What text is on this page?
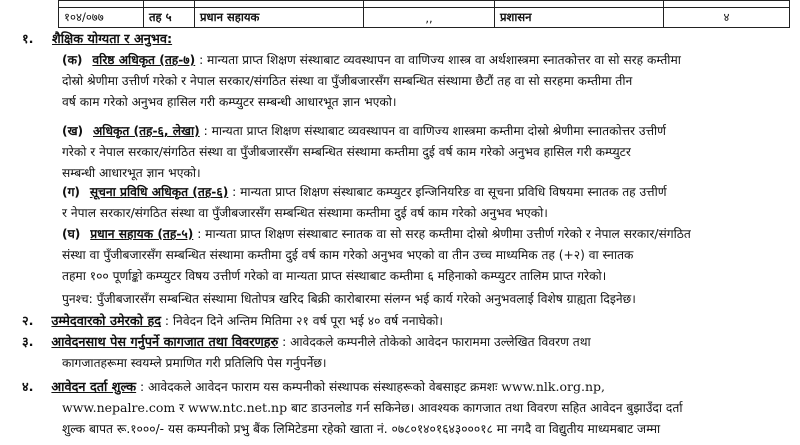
१०४/०७७	तह ५	प्रधान सहायक	,,	प्रशासन	४
१. शैक्षिक योग्यता र अनुभव:
(क) वरिष्ठ अधिकृत (तह-७) : मान्यता प्राप्त शिक्षण संस्थाबाट व्यवस्थापन वा वाणिज्य शास्त्र वा अर्थशास्त्रमा स्नातकोत्तर वा सो सरह कम्तीमा
दोस्रो श्रेणीमा उत्तीर्ण गरेको र नेपाल सरकार/संगठित संस्था वा पुँजीबजारसँग सम्बन्धित संस्थामा छैटौं तह वा सो सरहमा कम्तीमा तीन
वर्ष काम गरेको अनुभव हासिल गरी कम्प्युटर सम्बन्धी आधारभूत ज्ञान भएको।
(ख) अधिकृत (तह-६, लेखा) : मान्यता प्राप्त शिक्षण संस्थाबाट व्यवस्थापन वा वाणिज्य शास्त्रमा कम्तीमा दोस्रो श्रेणीमा स्नातकोत्तर उत्तीर्ण
गरेको र नेपाल सरकार/संगठित संस्था वा पुँजीबजारसँग सम्बन्धित संस्थामा कम्तीमा दुई वर्ष काम गरेको अनुभव हासिल गरी कम्प्युटर
सम्बन्धी आधारभूत ज्ञान भएको।
(ग) सूचना प्रविधि अधिकृत (तह-६) : मान्यता प्राप्त शिक्षण संस्थाबाट कम्प्युटर इन्जिनियरिङ वा सूचना प्रविधि विषयमा स्नातक तह उत्तीर्ण
र नेपाल सरकार/संगठित संस्था वा पुँजीबजारसँग सम्बन्धित संस्थामा कम्तीमा दुई वर्ष काम गरेको अनुभव भएको।
(घ) प्रधान सहायक (तह-५) : मान्यता प्राप्त शिक्षण संस्थाबाट स्नातक वा सो सरह कम्तीमा दोस्रो श्रेणीमा उत्तीर्ण गरेको र नेपाल सरकार/संगठित
संस्था वा पुँजीबजारसँग सम्बन्धित संस्थामा कम्तीमा दुई वर्ष काम गरेको अनुभव भएको वा तीन उच्च माध्यमिक तह (+२) वा स्नातक
तहमा १०० पूर्णाङ्को कम्प्युटर विषय उत्तीर्ण गरेको वा मान्यता प्राप्त संस्थाबाट कम्तीमा ६ महिनाको कम्प्युटर तालिम प्राप्त गरेको।
पुनश्च: पुँजीबजारसँग सम्बन्धित संस्थामा धितोपत्र खरिद बिक्री कारोबारमा संलग्न भई कार्य गरेको अनुभवलाई विशेष ग्राह्यता दिइनेछ।
२. उम्मेदवारको उमेरको हद : निवेदन दिने अन्तिम मितिमा २१ वर्ष पूरा भई ४० वर्ष ननाघेको।
३. आवेदनसाथ पेस गर्नुपर्ने कागजात तथा विवरणहरु : आवेदकले कम्पनीले तोकेको आवेदन फाराममा उल्लेखित विवरण तथा
कागजातहरूमा स्वयम्ले प्रमाणित गरी प्रतिलिपि पेस गर्नुपर्नेछ।
४. आवेदन दर्ता शुल्क : आवेदकले आवेदन फाराम यस कम्पनीको संस्थापक संस्थाहरूको वेबसाइट क्रमशः www.nlk.org.np,
www.nepalre.com र www.ntc.net.np बाट डाउनलोड गर्न सकिनेछ। आवश्यक कागजात तथा विवरण सहित आवेदन बुझाउँदा दर्ता
शुल्क बापत रू.१०००/- यस कम्पनीको प्रभु बैंक लिमिटेडमा रहेको खाता नं. ०७८०१४०१६४३०००१८ मा नगदै वा विद्युतीय माध्यमबाट जम्मा
